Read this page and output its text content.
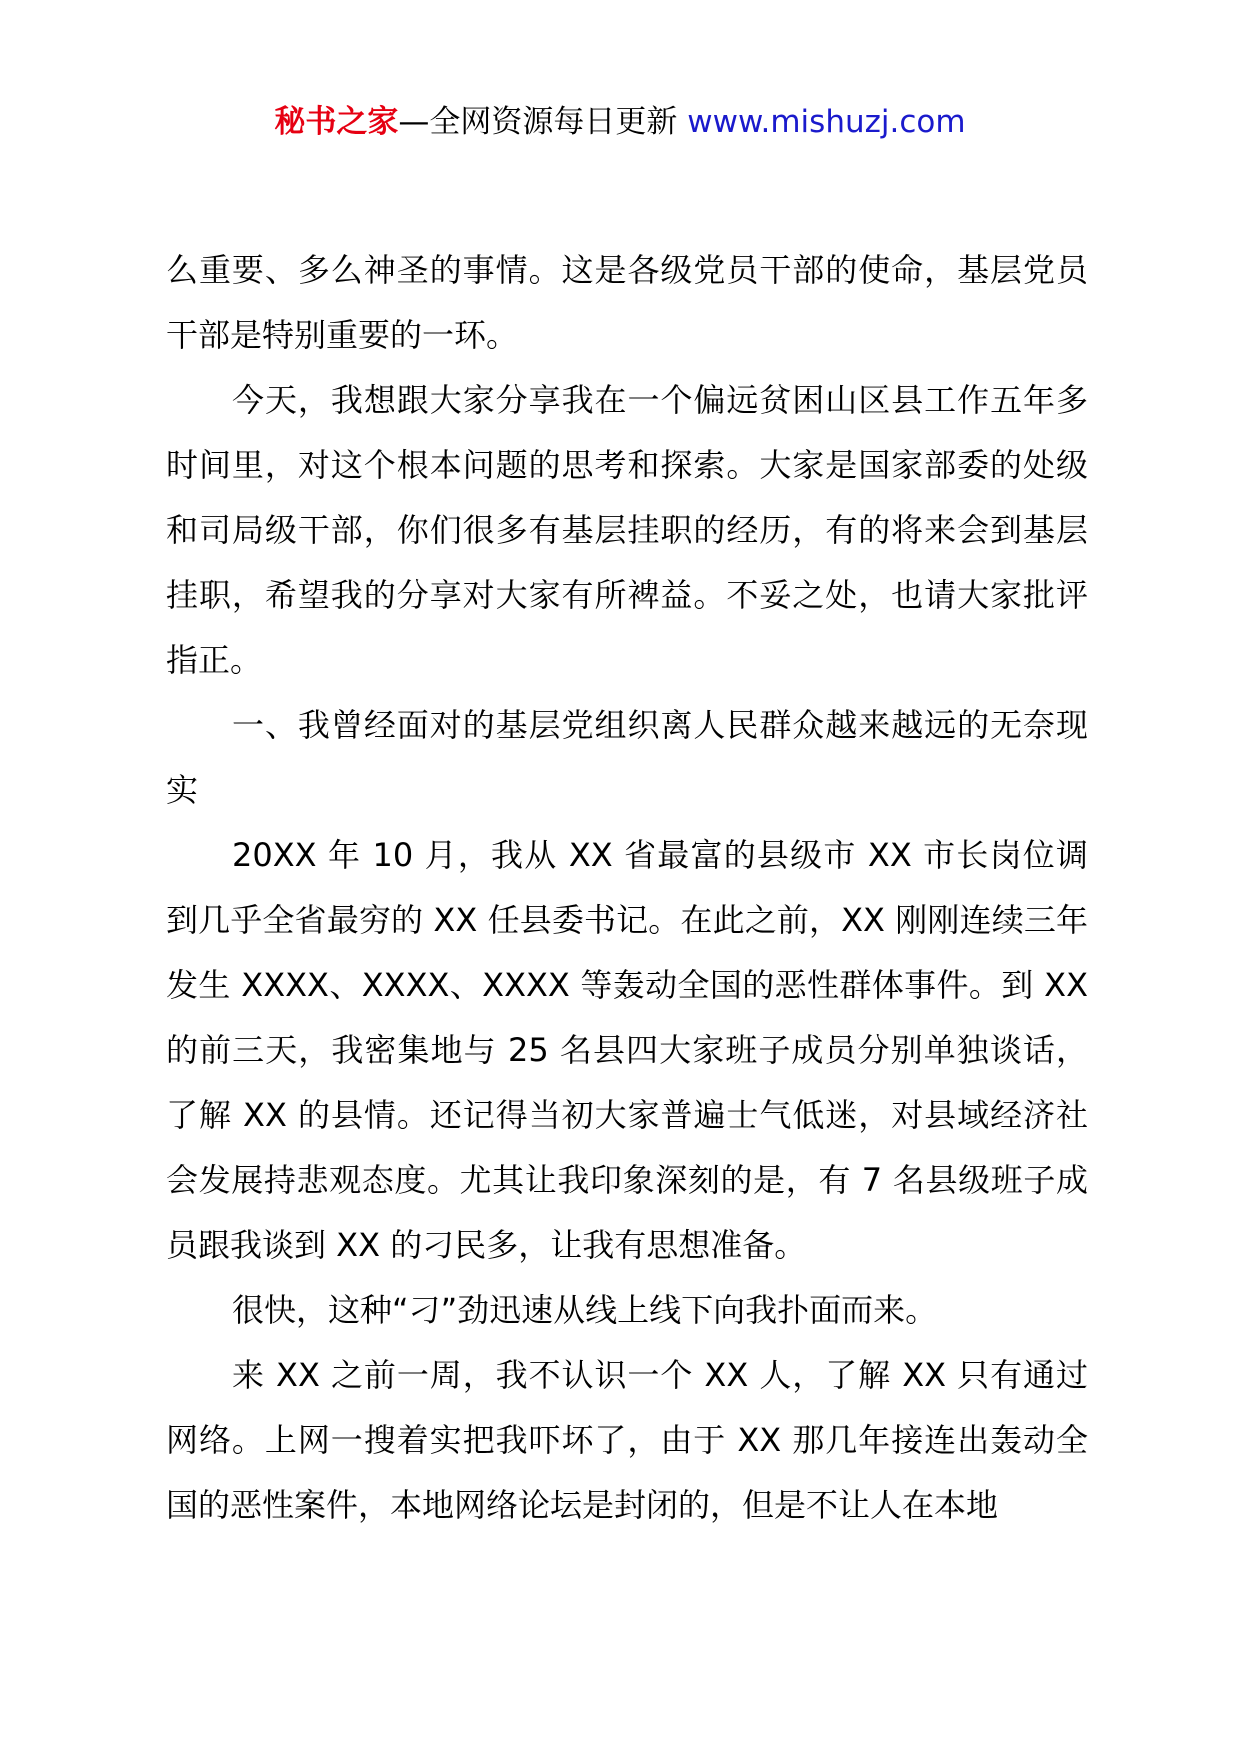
秘书之家—全网资源每日更新 www.mishuzj.com

么重要、多么神圣的事情。这是各级党员干部的使命，基层党员干部是特别重要的一环。

今天，我想跟大家分享我在一个偏远贫困山区县工作五年多时间里，对这个根本问题的思考和探索。大家是国家部委的处级和司局级干部，你们很多有基层挂职的经历，有的将来会到基层挂职，希望我的分享对大家有所裨益。不妥之处，也请大家批评指正。

一、我曾经面对的基层党组织离人民群众越来越远的无奈现实

20XX 年 10 月，我从 XX 省最富的县级市 XX 市长岗位调到几乎全省最穷的 XX 任县委书记。在此之前，XX 刚刚连续三年发生 XXXX、XXXX、XXXX 等轰动全国的恶性群体事件。到 XX 的前三天，我密集地与 25 名县四大家班子成员分别单独谈话，了解 XX 的县情。还记得当初大家普遍士气低迷，对县域经济社会发展持悲观态度。尤其让我印象深刻的是，有 7 名县级班子成员跟我谈到 XX 的刁民多，让我有思想准备。

很快，这种“刁”劲迅速从线上线下向我扑面而来。

来 XX 之前一周，我不认识一个 XX 人，了解 XX 只有通过网络。上网一搜着实把我吓坏了，由于 XX 那几年接连出轰动全国的恶性案件，本地网络论坛是封闭的，但是不让人在本地
